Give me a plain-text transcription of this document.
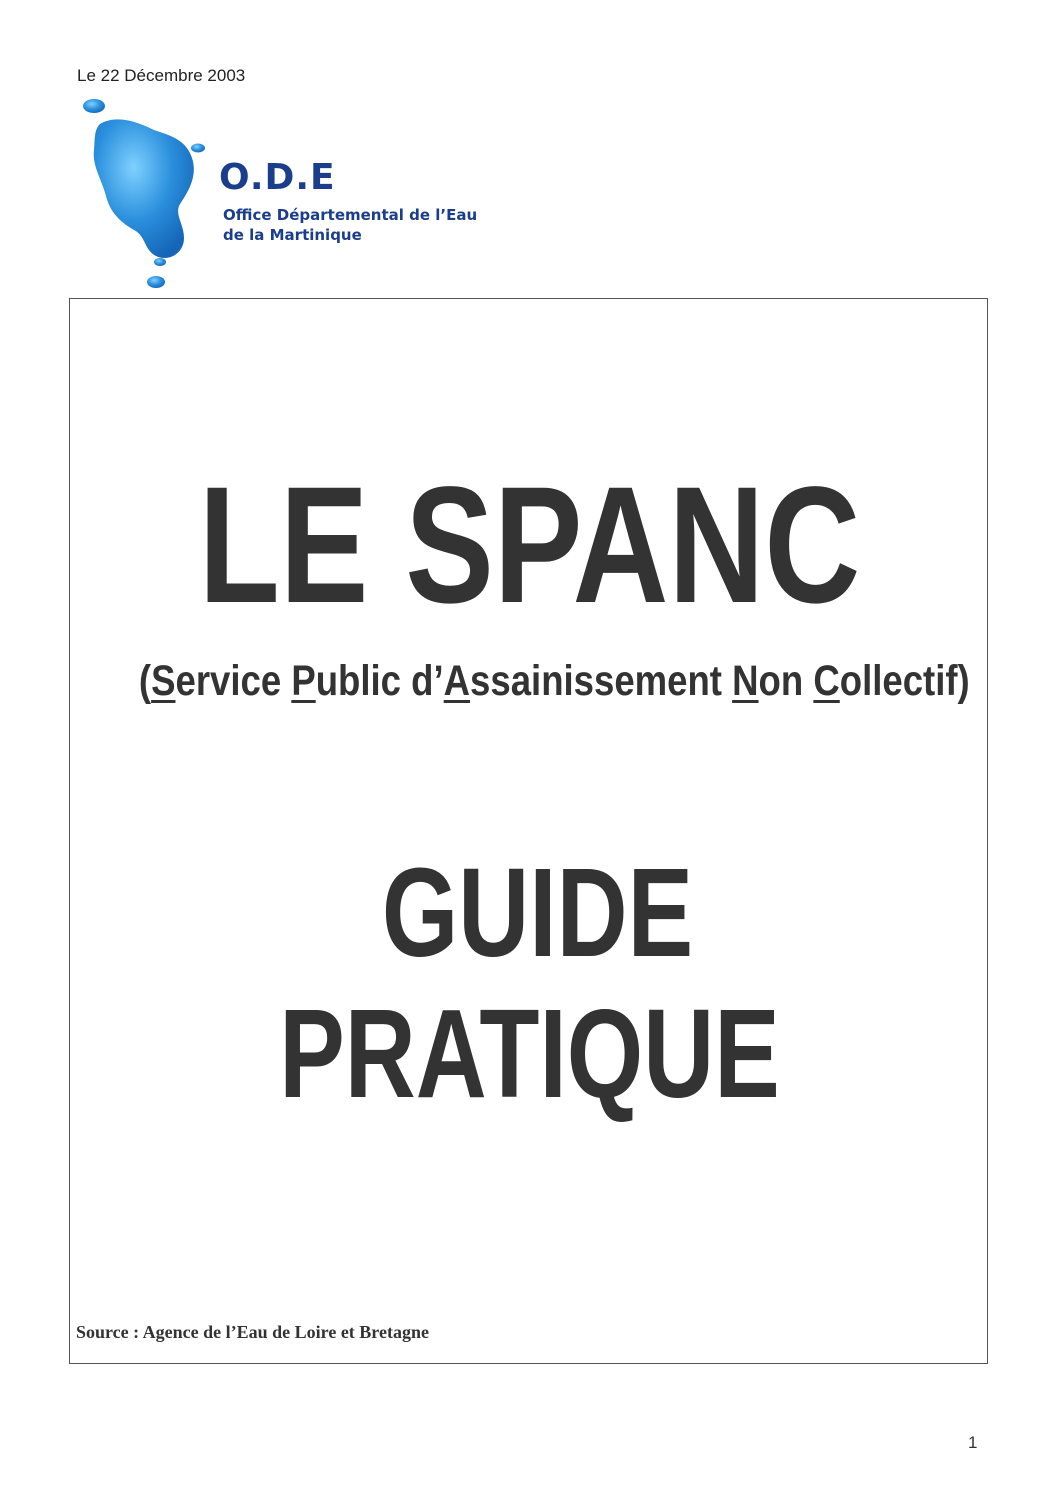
Le 22 Décembre 2003
O.D.E
Office Départemental de l’Eau
de la Martinique
LE SPANC
(Service Public d’Assainissement Non Collectif)
GUIDE
PRATIQUE
Source : Agence de l’Eau de Loire et Bretagne
1
